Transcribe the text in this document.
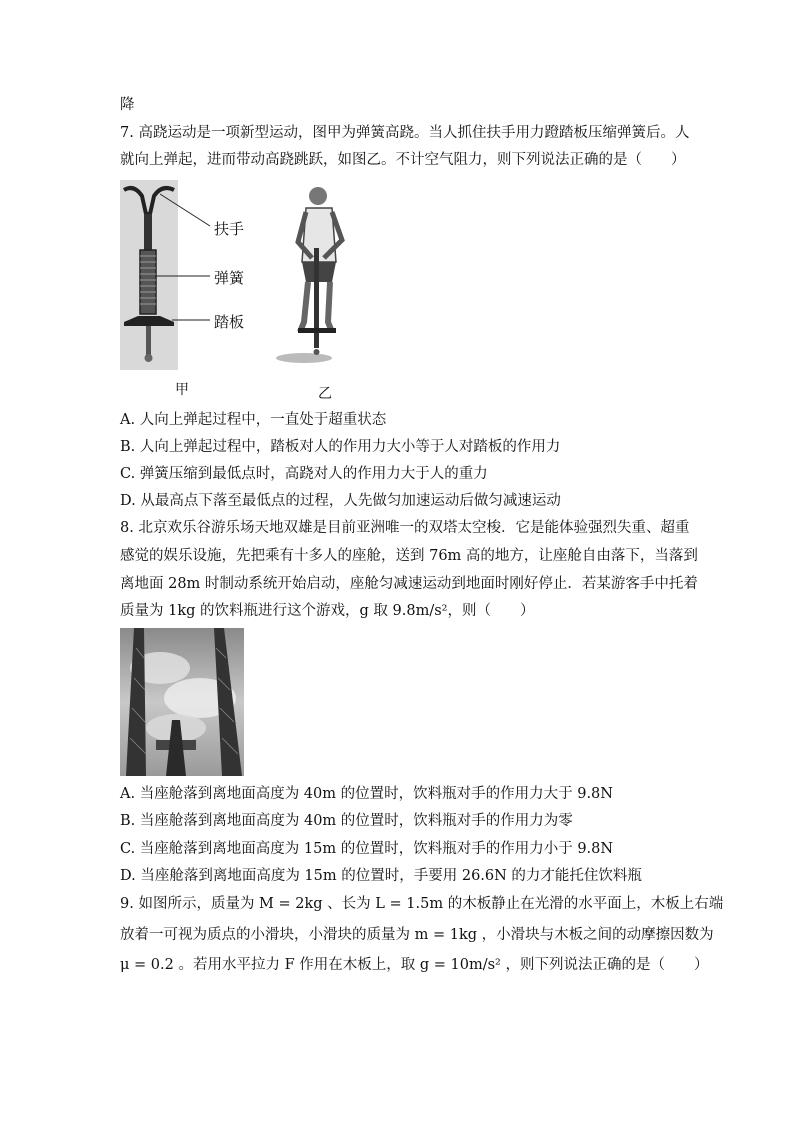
降
7. 高跷运动是一项新型运动，图甲为弹簧高跷。当人抓住扶手用力蹬踏板压缩弹簧后。人
就向上弹起，进而带动高跷跳跃，如图乙。不计空气阻力，则下列说法正确的是（　　）
扶手
弹簧
踏板
甲	乙
A. 人向上弹起过程中，一直处于超重状态
B. 人向上弹起过程中，踏板对人的作用力大小等于人对踏板的作用力
C. 弹簧压缩到最低点时，高跷对人的作用力大于人的重力
D. 从最高点下落至最低点的过程，人先做匀加速运动后做匀减速运动
8. 北京欢乐谷游乐场天地双雄是目前亚洲唯一的双塔太空梭．它是能体验强烈失重、超重
感觉的娱乐设施，先把乘有十多人的座舱，送到 76m 高的地方，让座舱自由落下，当落到
离地面 28m 时制动系统开始启动，座舱匀减速运动到地面时刚好停止．若某游客手中托着
质量为 1kg 的饮料瓶进行这个游戏，g 取 9.8m/s²，则（　　）
A. 当座舱落到离地面高度为 40m 的位置时，饮料瓶对手的作用力大于 9.8N
B. 当座舱落到离地面高度为 40m 的位置时，饮料瓶对手的作用力为零
C. 当座舱落到离地面高度为 15m 的位置时，饮料瓶对手的作用力小于 9.8N
D. 当座舱落到离地面高度为 15m 的位置时，手要用 26.6N 的力才能托住饮料瓶
9. 如图所示，质量为 M = 2kg 、长为 L = 1.5m 的木板静止在光滑的水平面上，木板上右端
放着一可视为质点的小滑块，小滑块的质量为 m = 1kg ，小滑块与木板之间的动摩擦因数为
μ = 0.2 。若用水平拉力 F 作用在木板上，取 g = 10m/s² ，则下列说法正确的是（　　）
